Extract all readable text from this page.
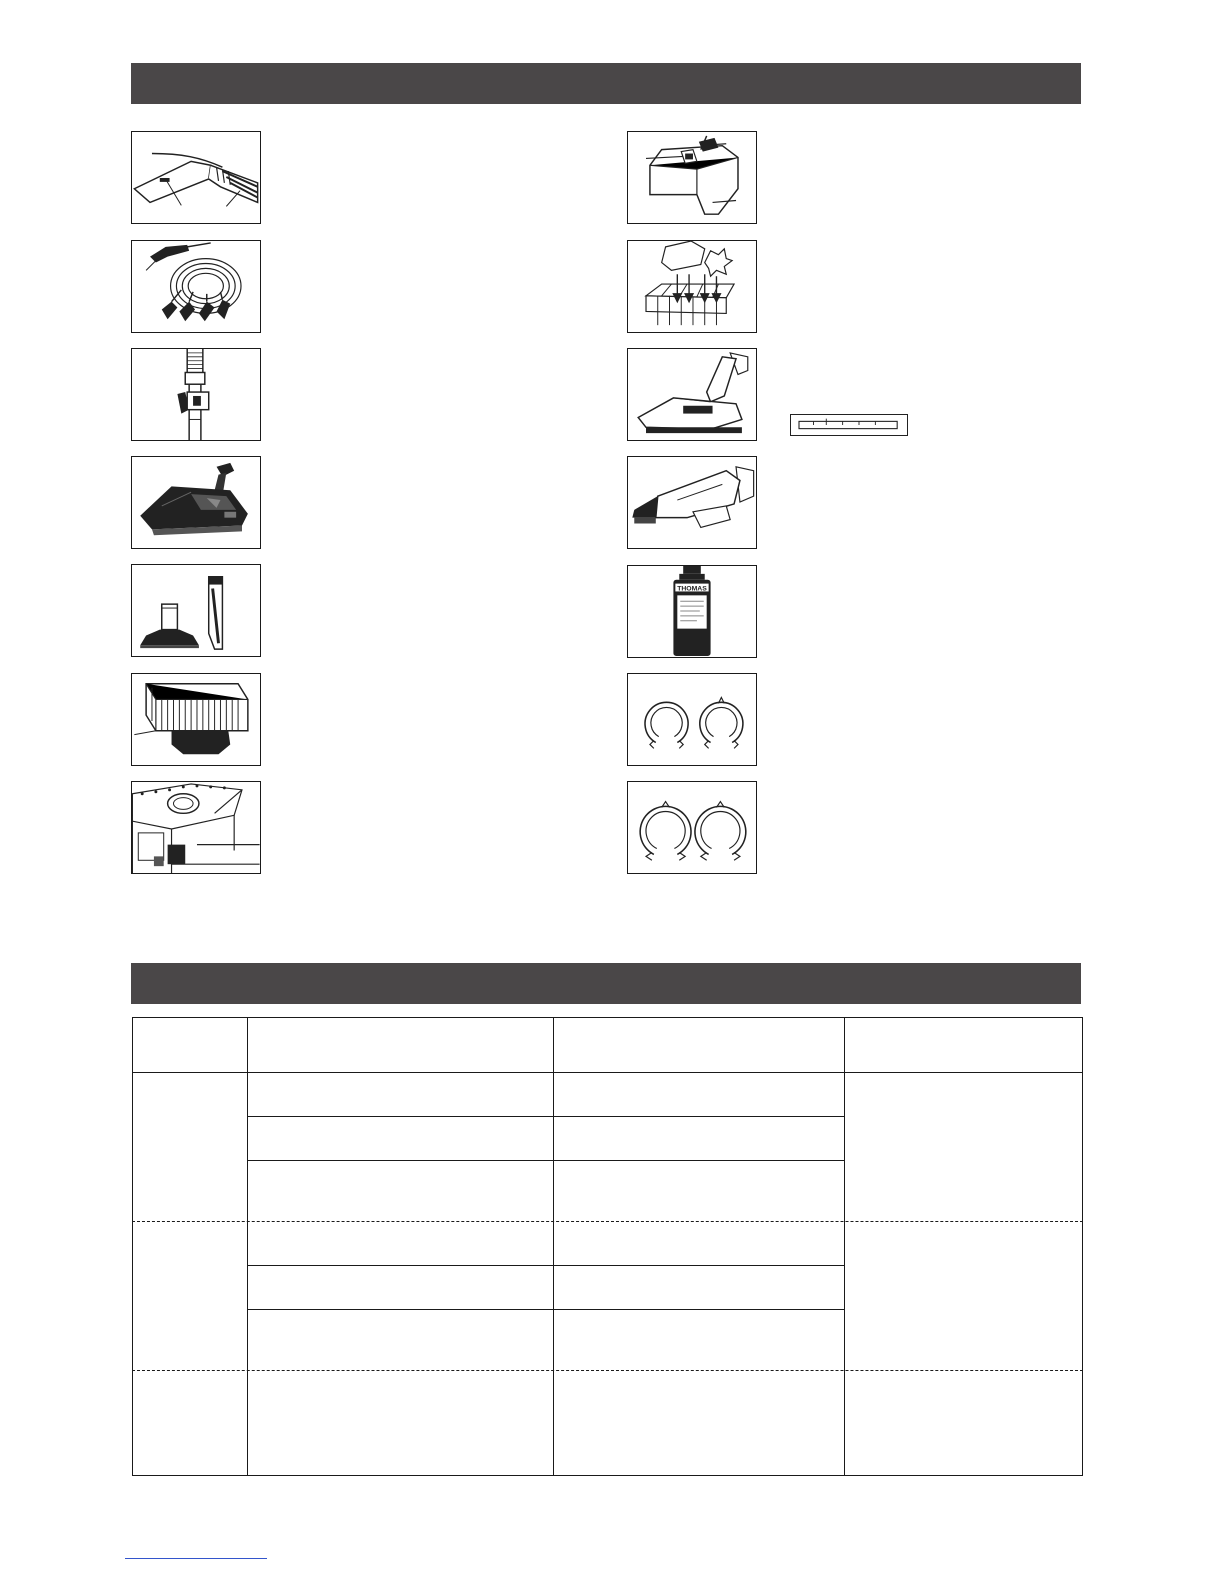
THOMAS
